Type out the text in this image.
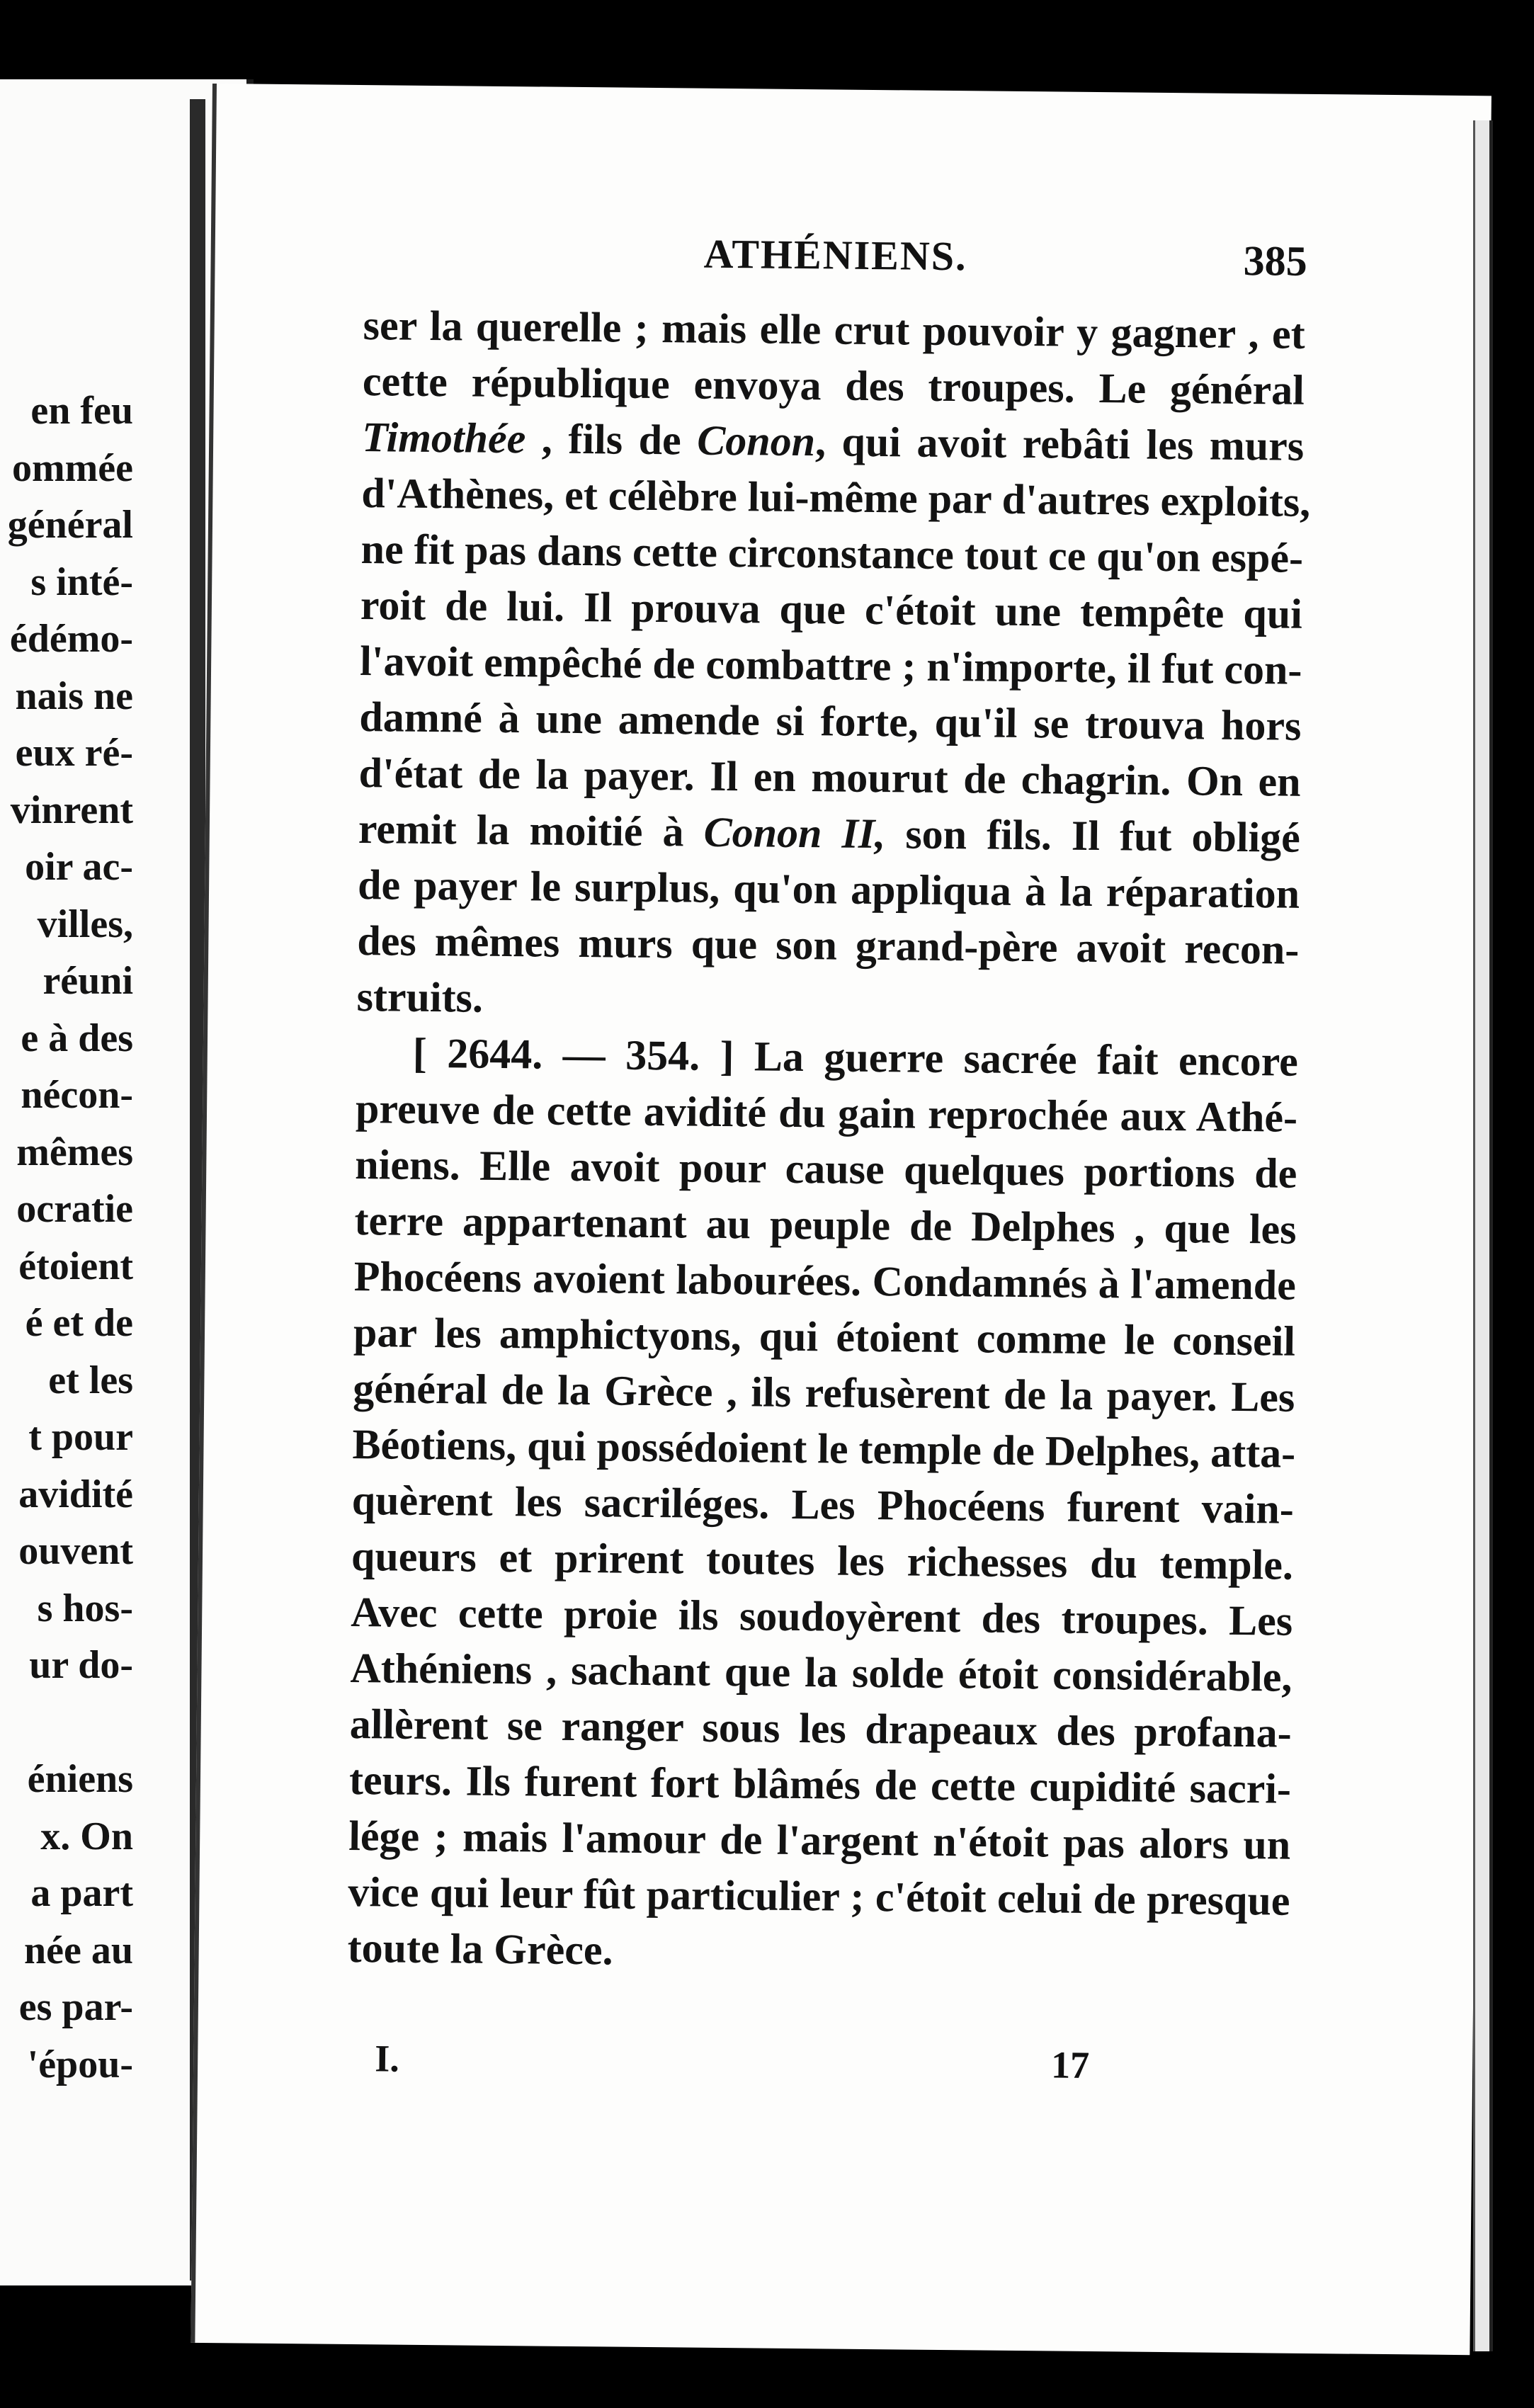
en feu
ommée
général
s inté-
édémo-
nais ne
eux ré-
vinrent
oir ac-
villes,
réuni
e à des
nécon-
mêmes
ocratie
étoient
é et de
et les
t pour
avidité
ouvent
s hos-
ur do-

éniens
x. On
a part
née au
es par-
'épou-
ATHÉNIENS.	385
ser la querelle ; mais elle crut pouvoir y gagner , et
cette république envoya des troupes. Le général
Timothée , fils de Conon, qui avoit rebâti les murs
d'Athènes, et célèbre lui-même par d'autres exploits,
ne fit pas dans cette circonstance tout ce qu'on espé-
roit de lui. Il prouva que c'étoit une tempête qui
l'avoit empêché de combattre ; n'importe, il fut con-
damné à une amende si forte, qu'il se trouva hors
d'état de la payer. Il en mourut de chagrin. On en
remit la moitié à Conon II, son fils. Il fut obligé
de payer le surplus, qu'on appliqua à la réparation
des mêmes murs que son grand-père avoit recon-
struits.
[ 2644. — 354. ] La guerre sacrée fait encore
preuve de cette avidité du gain reprochée aux Athé-
niens. Elle avoit pour cause quelques portions de
terre appartenant au peuple de Delphes , que les
Phocéens avoient labourées. Condamnés à l'amende
par les amphictyons, qui étoient comme le conseil
général de la Grèce , ils refusèrent de la payer. Les
Béotiens, qui possédoient le temple de Delphes, atta-
quèrent les sacriléges. Les Phocéens furent vain-
queurs et prirent toutes les richesses du temple.
Avec cette proie ils soudoyèrent des troupes. Les
Athéniens , sachant que la solde étoit considérable,
allèrent se ranger sous les drapeaux des profana-
teurs. Ils furent fort blâmés de cette cupidité sacri-
lége ; mais l'amour de l'argent n'étoit pas alors un
vice qui leur fût particulier ; c'étoit celui de presque
toute la Grèce.
I.	17
